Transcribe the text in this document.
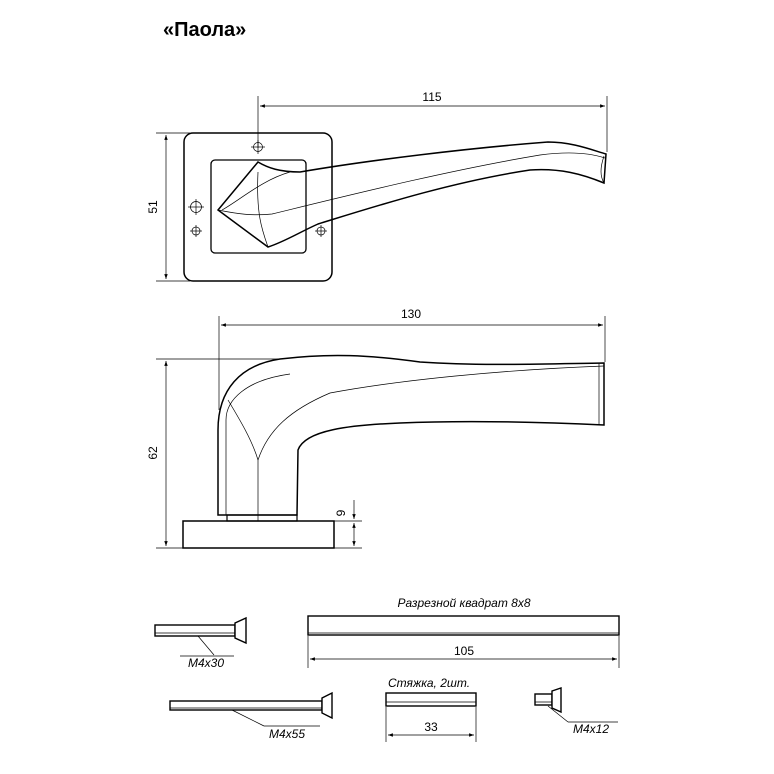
«Паола»
115
51
130
62
9
Разрезной квадрат 8х8
105
М4х30
М4х55
Стяжка, 2шт.
33	М4х12
